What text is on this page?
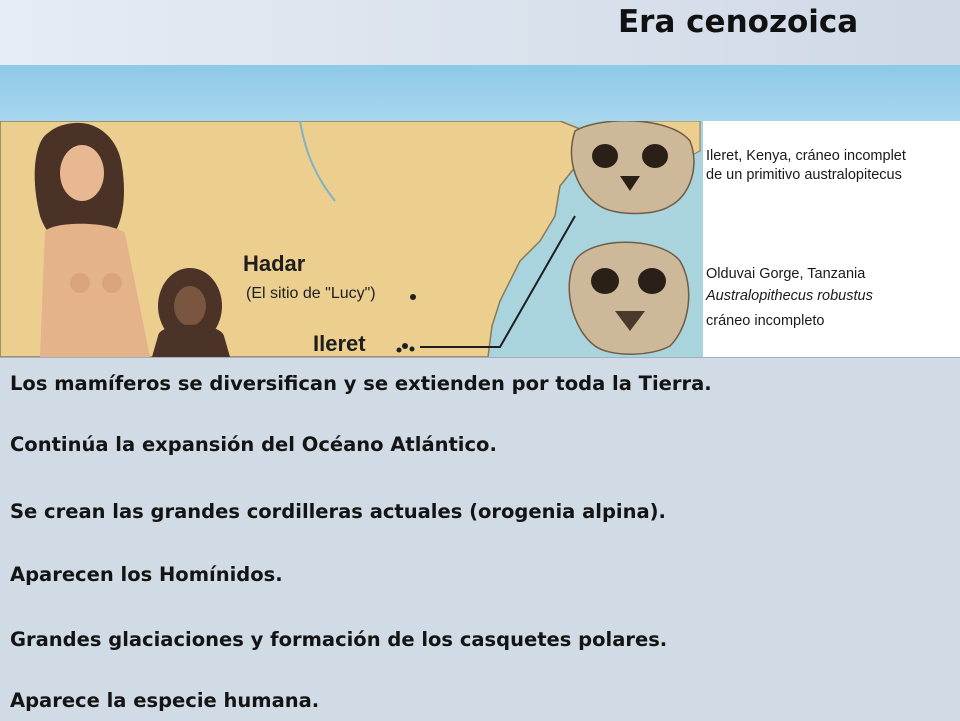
Era cenozoica
Hadar
(El sitio de "Lucy")
Ileret
Ileret, Kenya, cráneo incomplet
de un primitivo australopitecus
Olduvai Gorge, Tanzania
Australopithecus robustus
cráneo incompleto

Los mamíferos se diversifican y se extienden por toda la Tierra.

Continúa la expansión del Océano Atlántico.

Se crean las grandes cordilleras actuales (orogenia alpina).

Aparecen los Homínidos.

Grandes glaciaciones y formación de los casquetes polares.

Aparece la especie humana.
